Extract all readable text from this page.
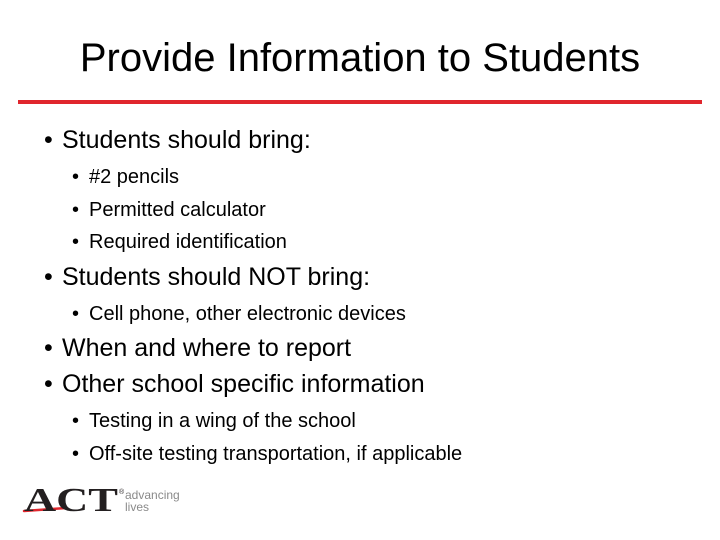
Provide Information to Students
• Students should bring:
• #2 pencils
• Permitted calculator
• Required identification
• Students should NOT bring:
• Cell phone, other electronic devices
• When and where to report
• Other school specific information
• Testing in a wing of the school
• Off-site testing transportation, if applicable
ACT ® advancing
lives
